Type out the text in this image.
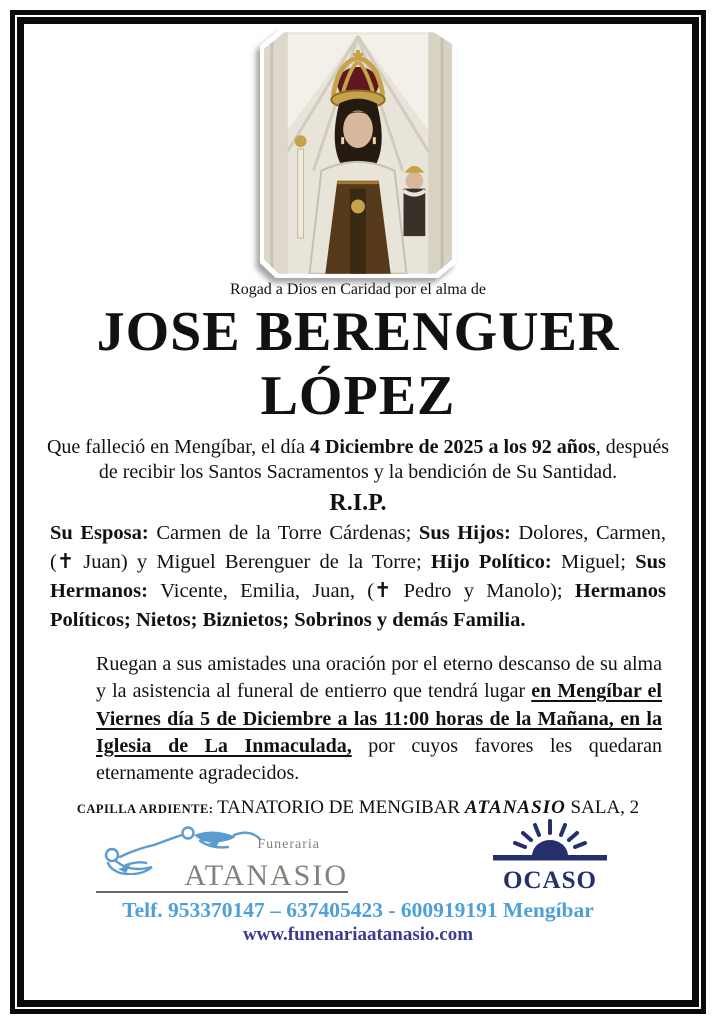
Rogad a Dios en Caridad por el alma de
JOSE BERENGUER
LÓPEZ

Que falleció en Mengíbar, el día 4 Diciembre de 2025 a los 92 años, después de recibir los Santos Sacramentos y la bendición de Su Santidad.

R.I.P.

Su Esposa: Carmen de la Torre Cárdenas; Sus Hijos: Dolores, Carmen, (✝ Juan) y Miguel Berenguer de la Torre; Hijo Político: Miguel; Sus Hermanos: Vicente, Emilia, Juan, (✝ Pedro y Manolo); Hermanos Políticos; Nietos; Biznietos; Sobrinos y demás Familia.

Ruegan a sus amistades una oración por el eterno descanso de su alma y la asistencia al funeral de entierro que tendrá lugar en Mengíbar el Viernes día 5 de Diciembre a las 11:00 horas de la Mañana, en la Iglesia de La Inmaculada, por cuyos favores les quedaran eternamente agradecidos.

CAPILLA ARDIENTE: TANATORIO DE MENGIBAR ATANASIO SALA, 2
Funeraria
ATANASIO	OCASO
Telf. 953370147 – 637405423 - 600919191 Mengíbar
www.funenariaatanasio.com
